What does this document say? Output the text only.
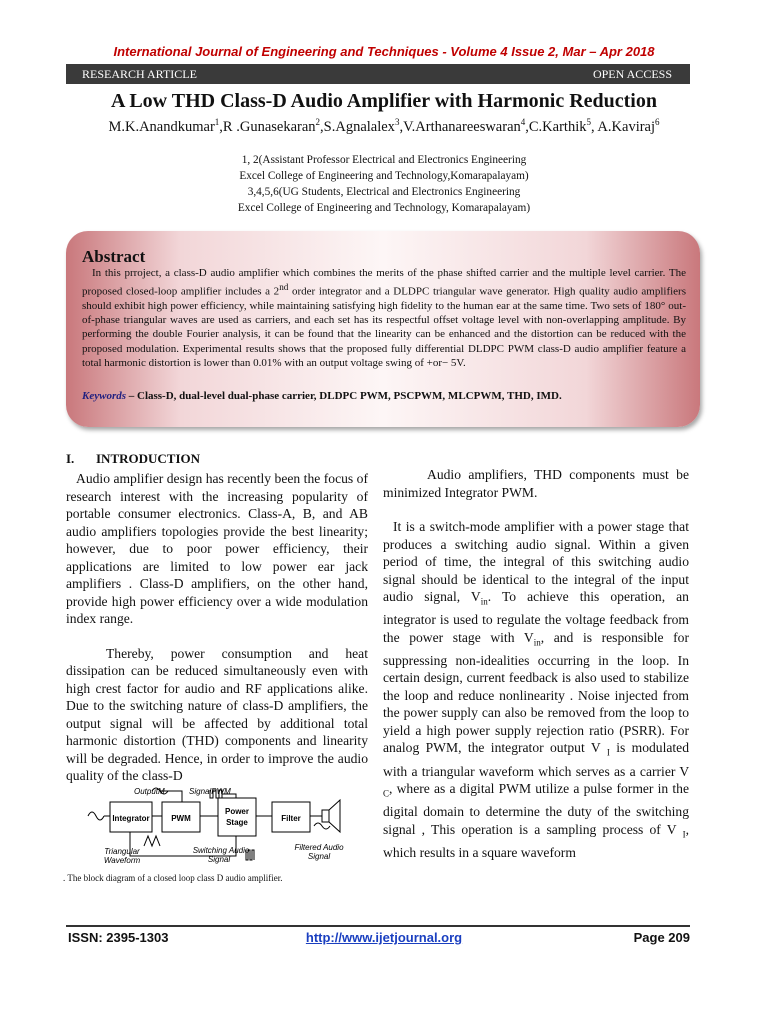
International Journal of Engineering and Techniques - Volume 4 Issue 2, Mar – Apr 2018
RESEARCH ARTICLE	OPEN ACCESS
A Low THD Class-D Audio Amplifier with Harmonic Reduction
M.K.Anandkumar$^1$,R .Gunasekaran$^2$,S.Agnalalex$^3$,V.Arthanareeswaran$^4$,C.Karthik$^5$, A.Kaviraj$^6$
1, 2(Assistant Professor Electrical and Electronics Engineering
Excel College of Engineering and Technology,Komarapalayam)
3,4,5,6(UG Students, Electrical and Electronics Engineering
Excel College of Engineering and Technology, Komarapalayam)
Abstract
In this prroject, a class-D audio amplifier which combines the merits of the phase shifted carrier and the multiple level carrier. The proposed closed-loop amplifier includes a 2nd order integrator and a DLDPC triangular wave generator. High quality audio amplifiers should exhibit high power efficiency, while maintaining satisfying high fidelity to the human ear at the same time. Two sets of 180° out-of-phase triangular waves are used as carriers, and each set has its respectful offset voltage level with non-overlapping amplitude. By performing the double Fourier analysis, it can be found that the linearity can be enhanced and the distortion can be reduced with the proposed modulation. Experimental results shows that the proposed fully differential DLDPC PWM class-D audio amplifier feature a total harmonic distortion is lower than 0.01% with an output voltage swing of +or− 5V.
Keywords – Class-D, dual-level dual-phase carrier, DLDPC PWM, PSCPWM, MLCPWM, THD, IMD.
I. INTRODUCTION

Audio amplifier design has recently been the focus of research interest with the increasing popularity of portable consumer electronics. Class-A, B, and AB audio amplifiers topologies provide the best linearity; however, due to poor power efficiency, their applications are limited to low power ear jack amplifiers . Class-D amplifiers, on the other hand, provide high power efficiency over a wide modulation index range.

Thereby, power consumption and heat dissipation can be reduced simultaneously even with high crest factor for audio and RF applications alike. Due to the switching nature of class-D amplifiers, the output signal will be affected by additional total harmonic distortion (THD) components and linearity will be degraded. Hence, in order to improve the audio quality of the class-D

Audio amplifiers, THD components must be minimized Integrator PWM.

It is a switch-mode amplifier with a power stage that produces a switching audio signal. Within a given period of time, the integral of this switching audio signal should be identical to the integral of the input audio signal, $V_{in}$. To achieve this operation, an integrator is used to regulate the voltage feedback from the power stage with $V_{in}$, and is responsible for suppressing non-idealities occurring in the loop. In certain design, current feedback is also used to stabilize the loop and reduce nonlinearity . Noise injected from the power supply can also be removed from the loop to yield a high power supply rejection ratio (PSRR). For analog PWM, the integrator output V $_I$ is modulated with a triangular waveform which serves as a carrier V $_C$, where as a digital PWM utilize a pulse former in the digital domain to determine the duty of the switching signal , This operation is a sampling process of V $_I$, which results in a square waveform

OutputM	SignalPWM
Integrator	PWM
Power
Stage	Filter
Triangular
Waveform
Switching Audio
Signal
Filtered Audio
Signal
. The block diagram of a closed loop class D audio amplifier.
ISSN: 2395-1303	http://www.ijetjournal.org	Page 209
